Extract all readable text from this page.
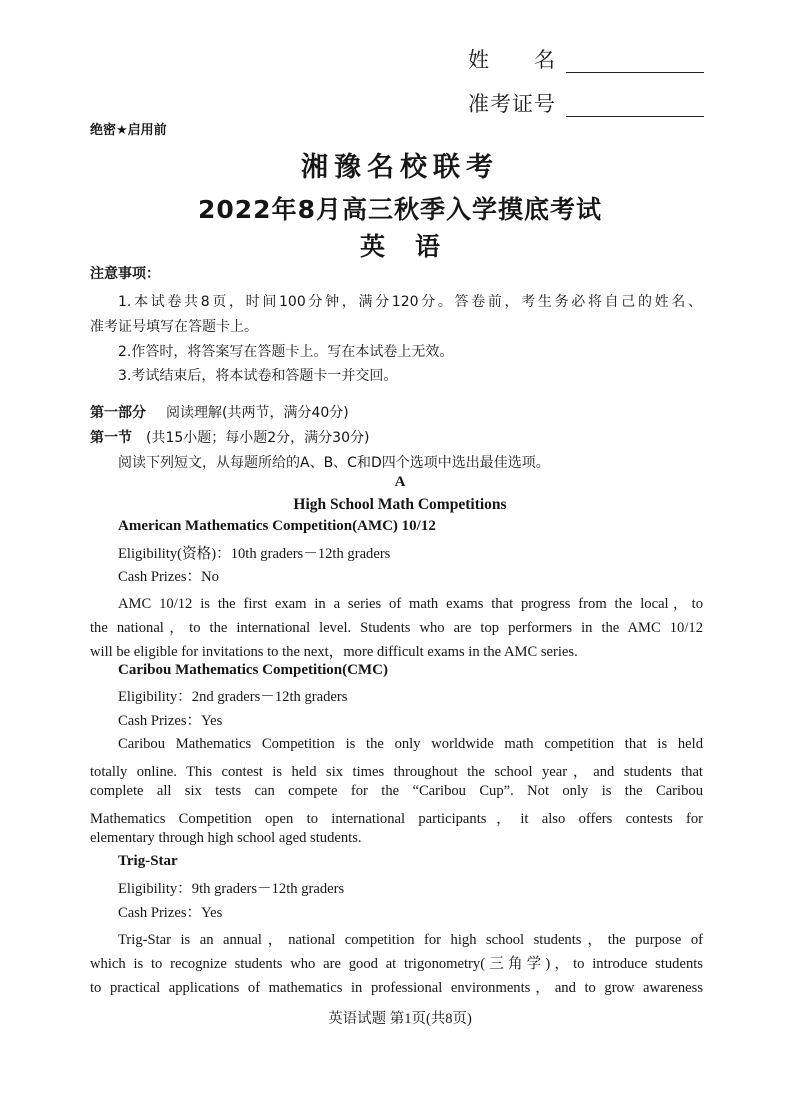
姓　　名
准考证号
绝密★启用前
湘豫名校联考
2022年8月高三秋季入学摸底考试
英语
注意事项：
1.本试卷共8页，时间100分钟，满分120分。答卷前，考生务必将自己的姓名、
准考证号填写在答题卡上。
2.作答时，将答案写在答题卡上。写在本试卷上无效。
3.考试结束后，将本试卷和答题卡一并交回。
第一部分 阅读理解(共两节，满分40分)
第一节 (共15小题；每小题2分，满分30分)
阅读下列短文，从每题所给的A、B、C和D四个选项中选出最佳选项。
A
High School Math Competitions
American Mathematics Competition(AMC) 10/12
Eligibility(资格)：10th graders－12th graders
Cash Prizes：No
AMC 10/12 is the first exam in a series of math exams that progress from the local，to
the national，to the international level. Students who are top performers in the AMC 10/12
will be eligible for invitations to the next，more difficult exams in the AMC series.
Caribou Mathematics Competition(CMC)
Eligibility：2nd graders－12th graders
Cash Prizes：Yes
Caribou Mathematics Competition is the only worldwide math competition that is held
totally online. This contest is held six times throughout the school year，and students that
complete all six tests can compete for the “Caribou Cup”. Not only is the Caribou
Mathematics Competition open to international participants，it also offers contests for
elementary through high school aged students.
Trig-Star
Eligibility：9th graders－12th graders
Cash Prizes：Yes
Trig-Star is an annual，national competition for high school students，the purpose of
which is to recognize students who are good at trigonometry(三角学)，to introduce students
to practical applications of mathematics in professional environments，and to grow awareness
英语试题 第1页(共8页)
